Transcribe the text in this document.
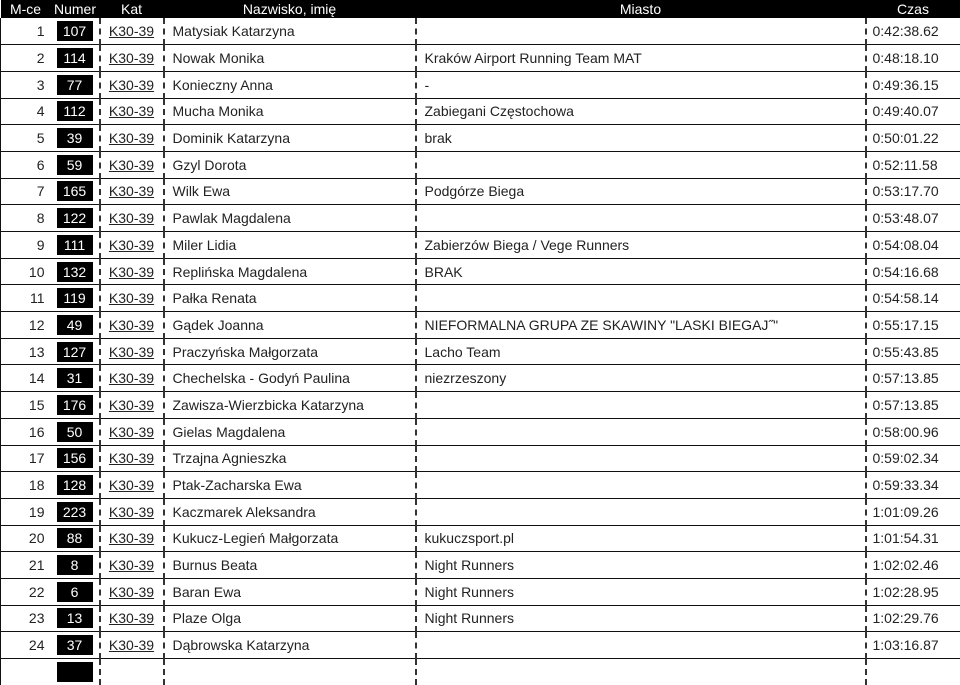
M-ce	Numer	Kat	Nazwisko, imię	Miasto	Czas
1	107	K30-39	Matysiak Katarzyna		0:42:38.62
2	114	K30-39	Nowak Monika	Kraków Airport Running Team MAT	0:48:18.10
3	77	K30-39	Konieczny Anna	-	0:49:36.15
4	112	K30-39	Mucha Monika	Zabiegani Częstochowa	0:49:40.07
5	39	K30-39	Dominik Katarzyna	brak	0:50:01.22
6	59	K30-39	Gzyl Dorota		0:52:11.58
7	165	K30-39	Wilk Ewa	Podgórze Biega	0:53:17.70
8	122	K30-39	Pawlak Magdalena		0:53:48.07
9	111	K30-39	Miler Lidia	Zabierzów Biega / Vege Runners	0:54:08.04
10	132	K30-39	Replińska Magdalena	BRAK	0:54:16.68
11	119	K30-39	Pałka Renata		0:54:58.14
12	49	K30-39	Gądek Joanna	NIEFORMALNA GRUPA ZE SKAWINY "LASKI BIEGAJ˝"	0:55:17.15
13	127	K30-39	Praczyńska Małgorzata	Lacho Team	0:55:43.85
14	31	K30-39	Chechelska - Godyń Paulina	niezrzeszony	0:57:13.85
15	176	K30-39	Zawisza-Wierzbicka Katarzyna		0:57:13.85
16	50	K30-39	Gielas Magdalena		0:58:00.96
17	156	K30-39	Trzajna Agnieszka		0:59:02.34
18	128	K30-39	Ptak-Zacharska Ewa		0:59:33.34
19	223	K30-39	Kaczmarek Aleksandra		1:01:09.26
20	88	K30-39	Kukucz-Legień Małgorzata	kukuczsport.pl	1:01:54.31
21	8	K30-39	Burnus Beata	Night Runners	1:02:02.46
22	6	K30-39	Baran Ewa	Night Runners	1:02:28.95
23	13	K30-39	Plaze Olga	Night Runners	1:02:29.76
24	37	K30-39	Dąbrowska Katarzyna		1:03:16.87
